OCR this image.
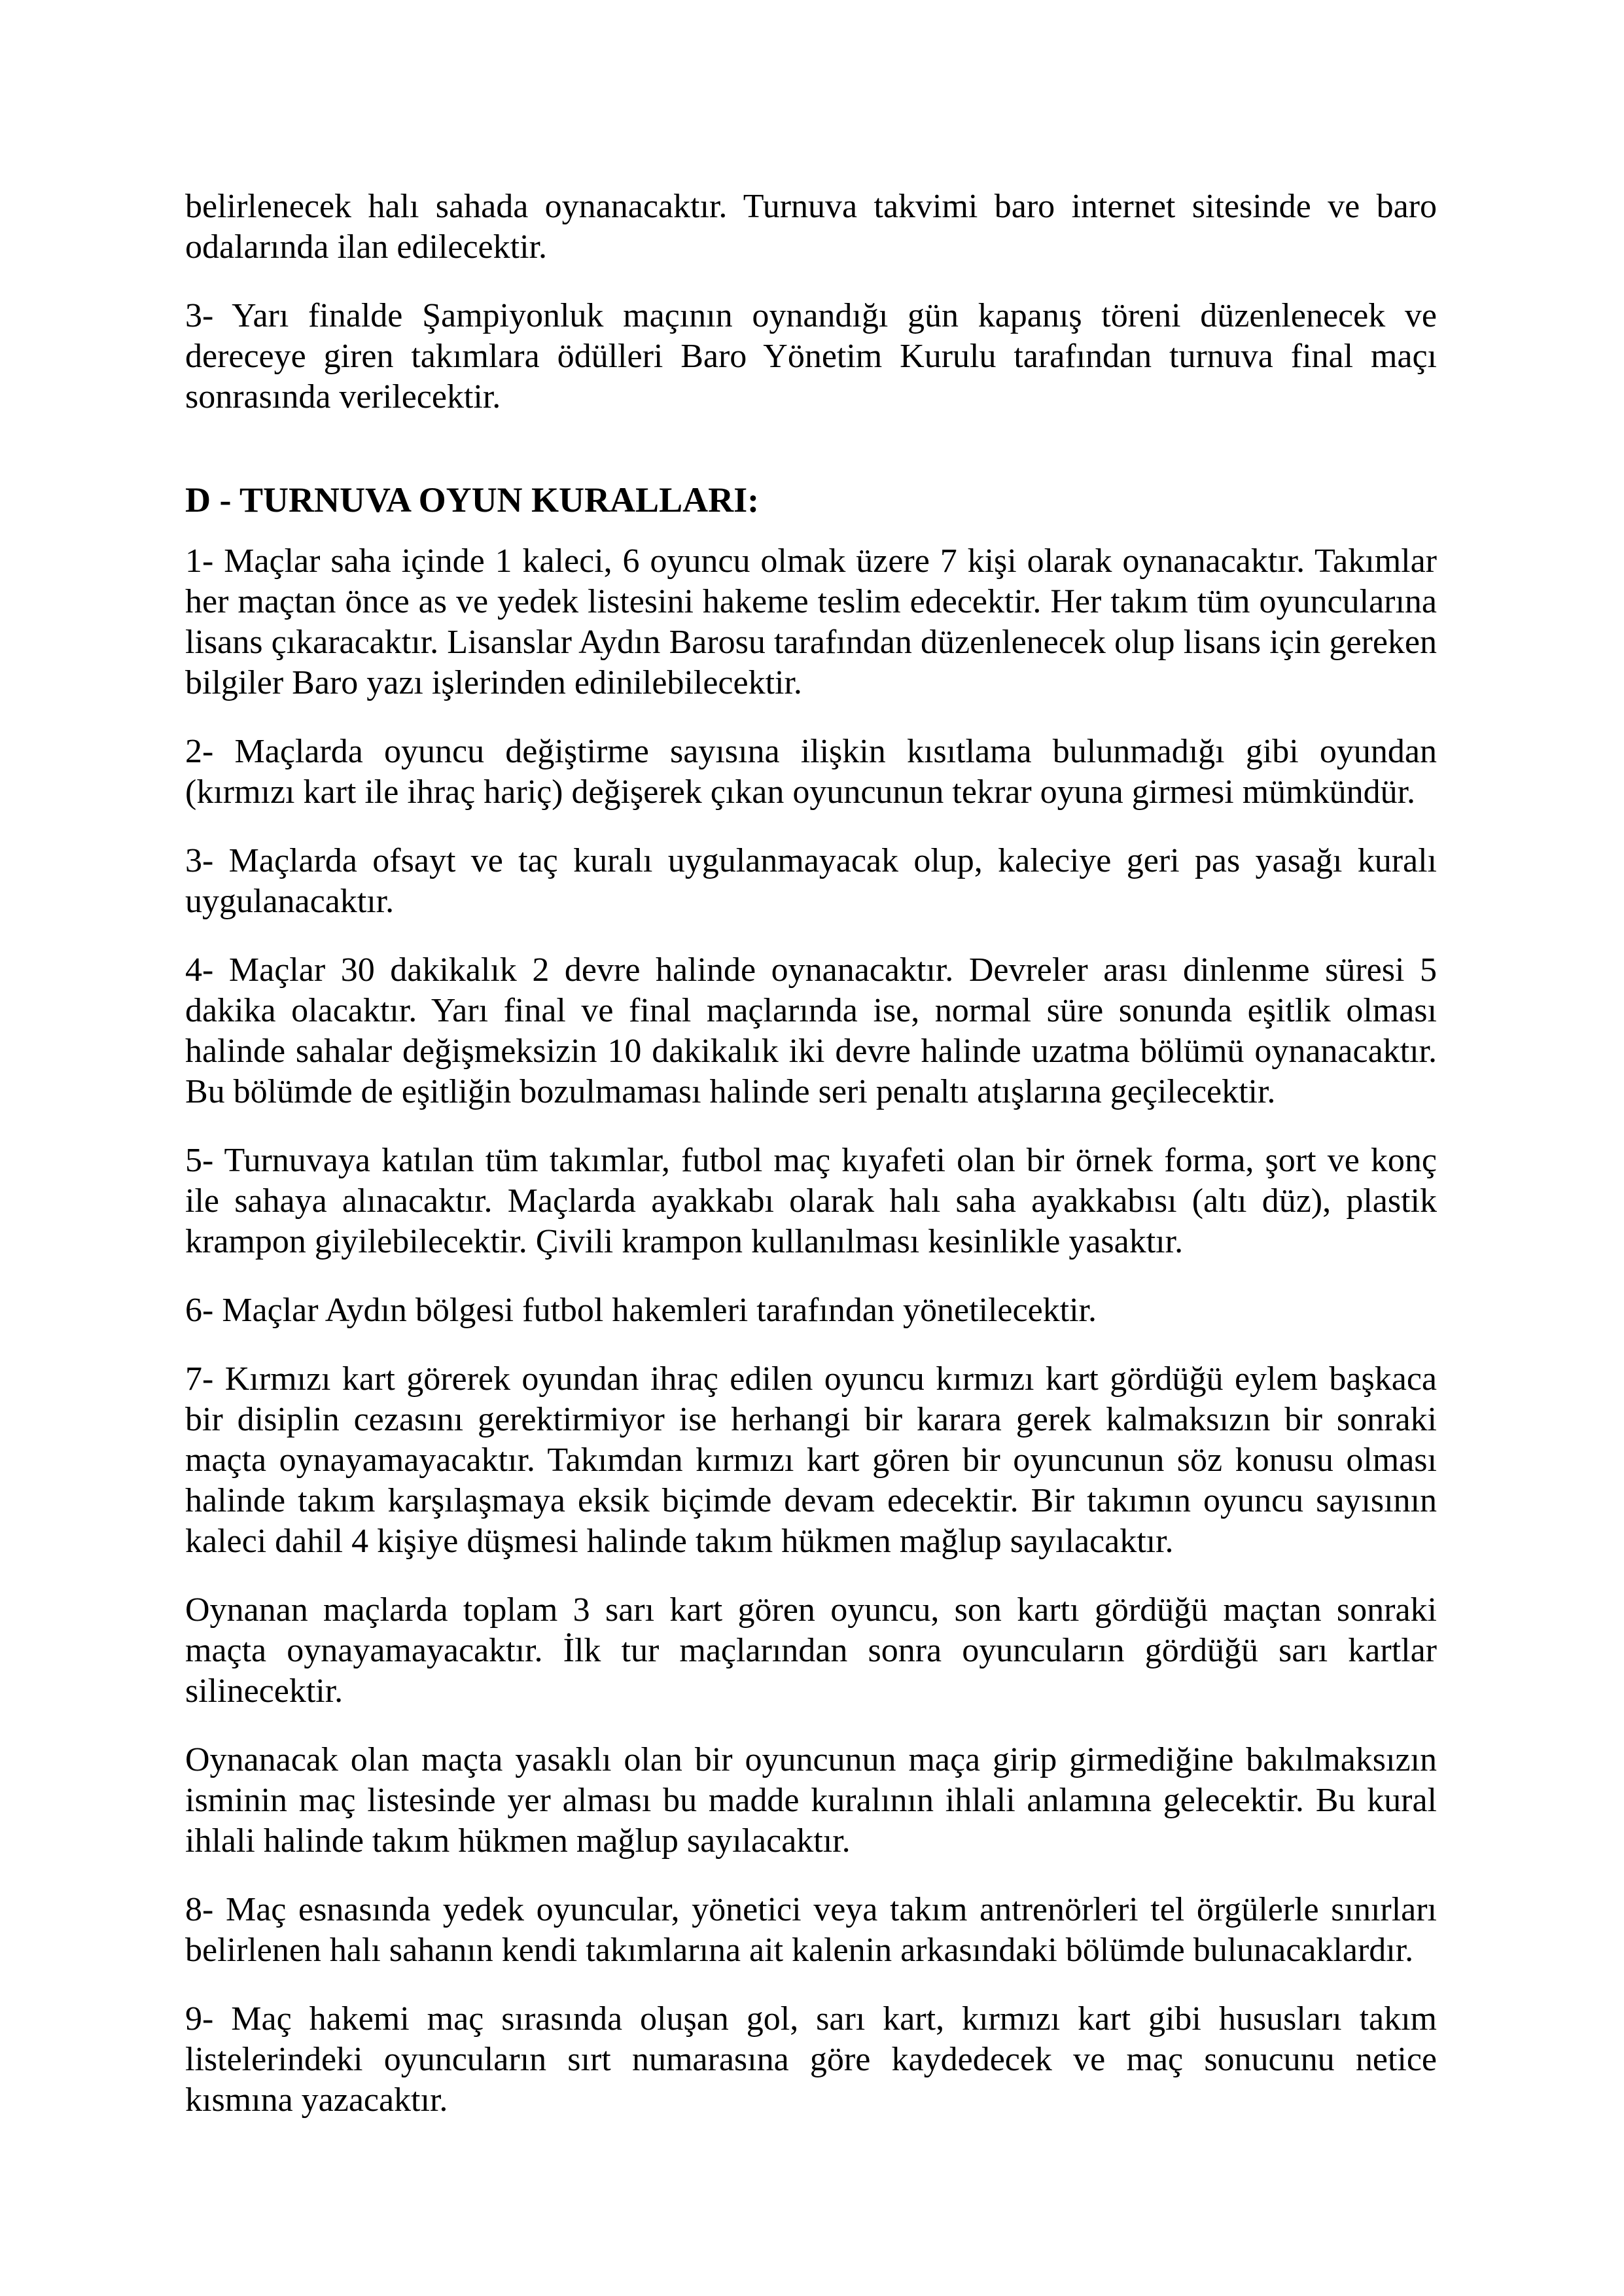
belirlenecek halı sahada oynanacaktır. Turnuva takvimi baro internet sitesinde ve baro odalarında ilan edilecektir.

3- Yarı finalde Şampiyonluk maçının oynandığı gün kapanış töreni düzenlenecek ve dereceye giren takımlara ödülleri Baro Yönetim Kurulu tarafından turnuva final maçı sonrasında verilecektir.

D - TURNUVA OYUN KURALLARI:

1- Maçlar saha içinde 1 kaleci, 6 oyuncu olmak üzere 7 kişi olarak oynanacaktır. Takımlar her maçtan önce as ve yedek listesini hakeme teslim edecektir. Her takım tüm oyuncularına lisans çıkaracaktır. Lisanslar Aydın Barosu tarafından düzenlenecek olup lisans için gereken bilgiler Baro yazı işlerinden edinilebilecektir.

2- Maçlarda oyuncu değiştirme sayısına ilişkin kısıtlama bulunmadığı gibi oyundan (kırmızı kart ile ihraç hariç) değişerek çıkan oyuncunun tekrar oyuna girmesi mümkündür.

3- Maçlarda ofsayt ve taç kuralı uygulanmayacak olup, kaleciye geri pas yasağı kuralı uygulanacaktır.

4- Maçlar 30 dakikalık 2 devre halinde oynanacaktır. Devreler arası dinlenme süresi 5 dakika olacaktır. Yarı final ve final maçlarında ise, normal süre sonunda eşitlik olması halinde sahalar değişmeksizin 10 dakikalık iki devre halinde uzatma bölümü oynanacaktır. Bu bölümde de eşitliğin bozulmaması halinde seri penaltı atışlarına geçilecektir.

5- Turnuvaya katılan tüm takımlar, futbol maç kıyafeti olan bir örnek forma, şort ve konç ile sahaya alınacaktır. Maçlarda ayakkabı olarak halı saha ayakkabısı (altı düz), plastik krampon giyilebilecektir. Çivili krampon kullanılması kesinlikle yasaktır.

6- Maçlar Aydın bölgesi futbol hakemleri tarafından yönetilecektir.

7- Kırmızı kart görerek oyundan ihraç edilen oyuncu kırmızı kart gördüğü eylem başkaca bir disiplin cezasını gerektirmiyor ise herhangi bir karara gerek kalmaksızın bir sonraki maçta oynayamayacaktır. Takımdan kırmızı kart gören bir oyuncunun söz konusu olması halinde takım karşılaşmaya eksik biçimde devam edecektir. Bir takımın oyuncu sayısının kaleci dahil 4 kişiye düşmesi halinde takım hükmen mağlup sayılacaktır.

Oynanan maçlarda toplam 3 sarı kart gören oyuncu, son kartı gördüğü maçtan sonraki maçta oynayamayacaktır. İlk tur maçlarından sonra oyuncuların gördüğü sarı kartlar silinecektir.

Oynanacak olan maçta yasaklı olan bir oyuncunun maça girip girmediğine bakılmaksızın isminin maç listesinde yer alması bu madde kuralının ihlali anlamına gelecektir. Bu kural ihlali halinde takım hükmen mağlup sayılacaktır.

8- Maç esnasında yedek oyuncular, yönetici veya takım antrenörleri tel örgülerle sınırları belirlenen halı sahanın kendi takımlarına ait kalenin arkasındaki bölümde bulunacaklardır.

9- Maç hakemi maç sırasında oluşan gol, sarı kart, kırmızı kart gibi hususları takım listelerindeki oyuncuların sırt numarasına göre kaydedecek ve maç sonucunu netice kısmına yazacaktır.
